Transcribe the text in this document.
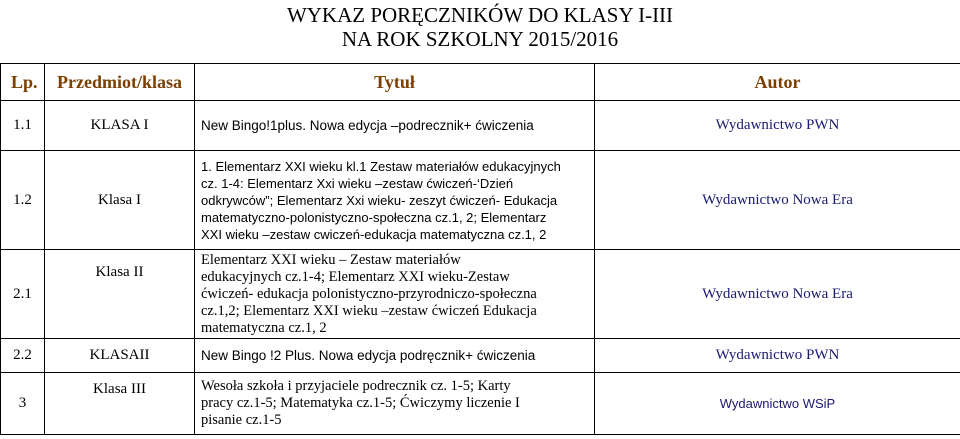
WYKAZ PORĘCZNIKÓW DO KLASY I-III
NA ROK SZKOLNY 2015/2016
Lp.	Przedmiot/klasa	Tytuł	Autor
1.1	KLASA I	New Bingo!1plus. Nowa edycja –podrecznik+ ćwiczenia	Wydawnictwo PWN
1.2	Klasa I	1. Elementarz XXI wieku kl.1 Zestaw materiałów edukacyjnych
cz. 1-4: Elementarz Xxi wieku –zestaw ćwiczeń-‘Dzień
odkrywców”; Elementarz Xxi wieku- zeszyt ćwiczeń- Edukacja
matematyczno-polonistyczno-społeczna cz.1, 2; Elementarz
XXI wieku –zestaw cwiczeń-edukacja matematyczna cz.1, 2	Wydawnictwo Nowa Era
2.1	Klasa II	Elementarz XXI wieku – Zestaw materiałów
edukacyjnych cz.1-4; Elementarz XXI wieku-Zestaw
ćwiczeń- edukacja polonistyczno-przyrodniczo-społeczna
cz.1,2; Elementarz XXI wieku –zestaw ćwiczeń Edukacja
matematyczna cz.1, 2	Wydawnictwo Nowa Era
2.2	KLASAII	New Bingo !2 Plus. Nowa edycja podręcznik+ ćwiczenia	Wydawnictwo PWN
3	Klasa III	Wesoła szkoła i przyjaciele podrecznik cz. 1-5; Karty
pracy cz.1-5; Matematyka cz.1-5; Ćwiczymy liczenie I
pisanie cz.1-5	Wydawnictwo WSiP
